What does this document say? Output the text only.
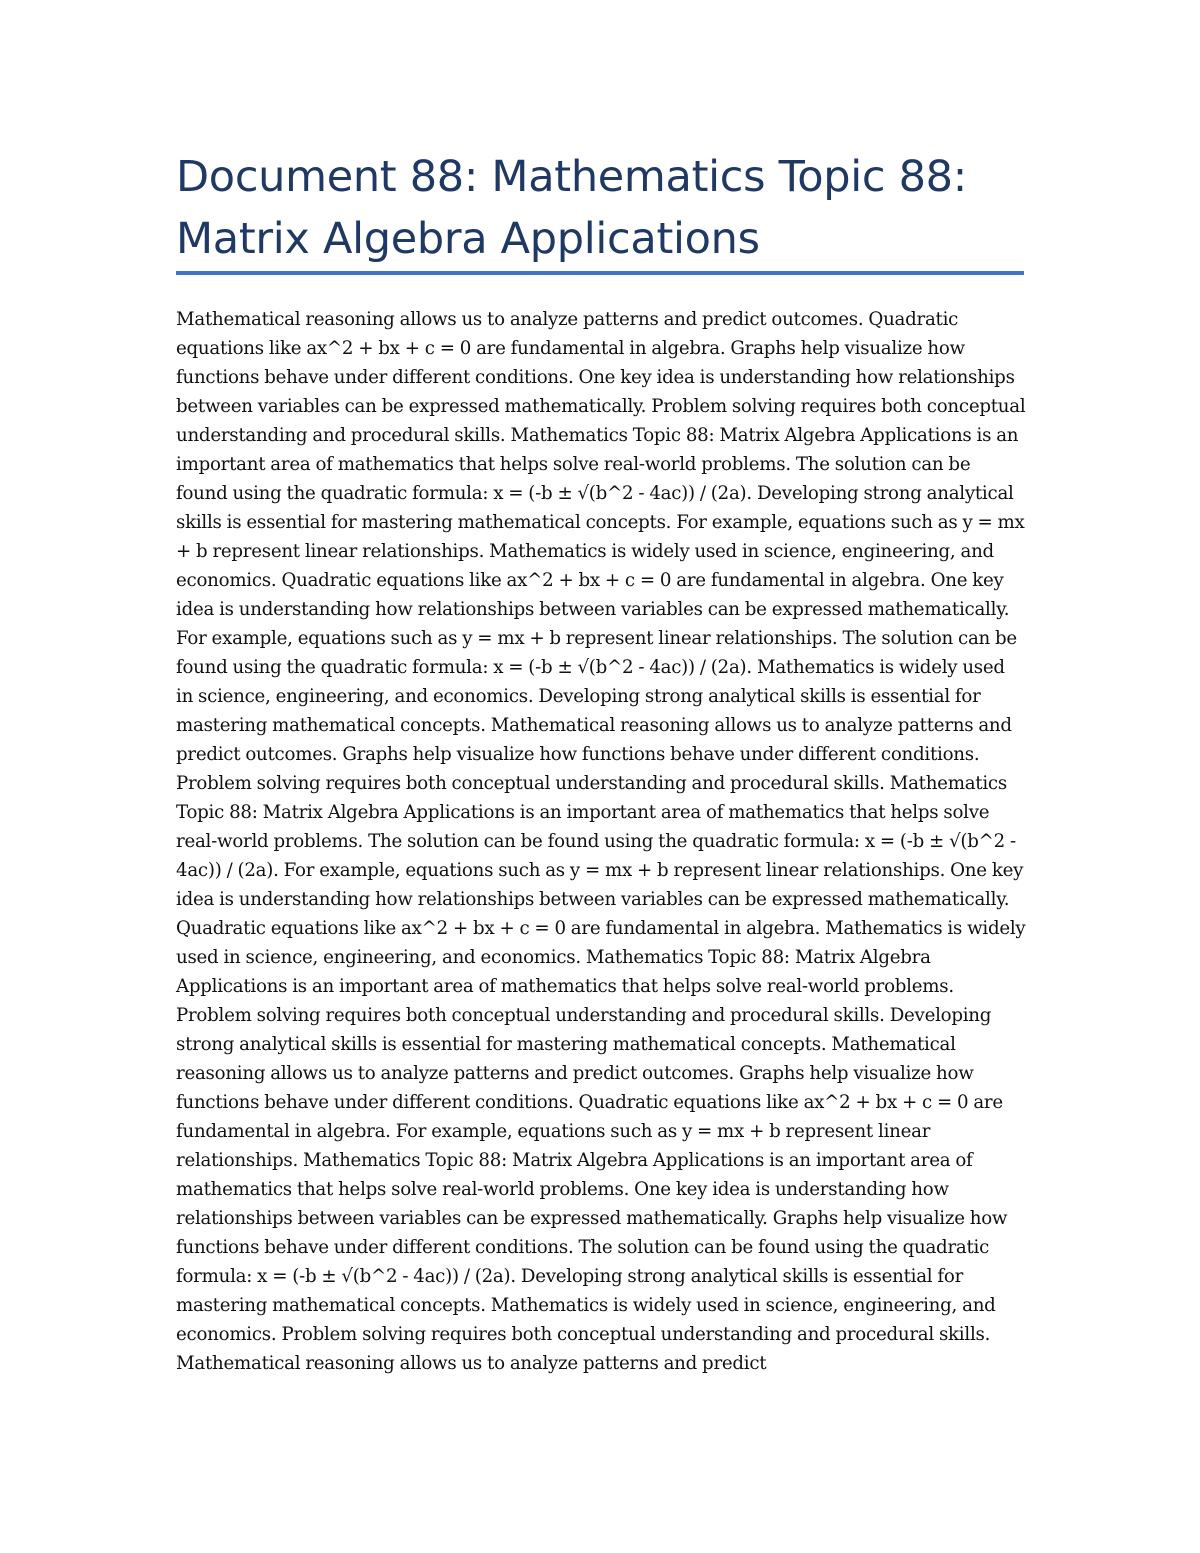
Document 88: Mathematics Topic 88: Matrix Algebra Applications

Mathematical reasoning allows us to analyze patterns and predict outcomes. Quadratic equations like ax^2 + bx + c = 0 are fundamental in algebra. Graphs help visualize how functions behave under different conditions. One key idea is understanding how relationships between variables can be expressed mathematically. Problem solving requires both conceptual understanding and procedural skills. Mathematics Topic 88: Matrix Algebra Applications is an important area of mathematics that helps solve real-world problems. The solution can be found using the quadratic formula: x = (-b ± √(b^2 - 4ac)) / (2a). Developing strong analytical skills is essential for mastering mathematical concepts. For example, equations such as y = mx + b represent linear relationships. Mathematics is widely used in science, engineering, and economics. Quadratic equations like ax^2 + bx + c = 0 are fundamental in algebra. One key idea is understanding how relationships between variables can be expressed mathematically. For example, equations such as y = mx + b represent linear relationships. The solution can be found using the quadratic formula: x = (-b ± √(b^2 - 4ac)) / (2a). Mathematics is widely used in science, engineering, and economics. Developing strong analytical skills is essential for mastering mathematical concepts. Mathematical reasoning allows us to analyze patterns and predict outcomes. Graphs help visualize how functions behave under different conditions. Problem solving requires both conceptual understanding and procedural skills. Mathematics Topic 88: Matrix Algebra Applications is an important area of mathematics that helps solve real-world problems. The solution can be found using the quadratic formula: x = (-b ± √(b^2 - 4ac)) / (2a). For example, equations such as y = mx + b represent linear relationships. One key idea is understanding how relationships between variables can be expressed mathematically. Quadratic equations like ax^2 + bx + c = 0 are fundamental in algebra. Mathematics is widely used in science, engineering, and economics. Mathematics Topic 88: Matrix Algebra Applications is an important area of mathematics that helps solve real-world problems. Problem solving requires both conceptual understanding and procedural skills. Developing strong analytical skills is essential for mastering mathematical concepts. Mathematical reasoning allows us to analyze patterns and predict outcomes. Graphs help visualize how functions behave under different conditions. Quadratic equations like ax^2 + bx + c = 0 are fundamental in algebra. For example, equations such as y = mx + b represent linear relationships. Mathematics Topic 88: Matrix Algebra Applications is an important area of mathematics that helps solve real-world problems. One key idea is understanding how relationships between variables can be expressed mathematically. Graphs help visualize how functions behave under different conditions. The solution can be found using the quadratic formula: x = (-b ± √(b^2 - 4ac)) / (2a). Developing strong analytical skills is essential for mastering mathematical concepts. Mathematics is widely used in science, engineering, and economics. Problem solving requires both conceptual understanding and procedural skills. Mathematical reasoning allows us to analyze patterns and predict
